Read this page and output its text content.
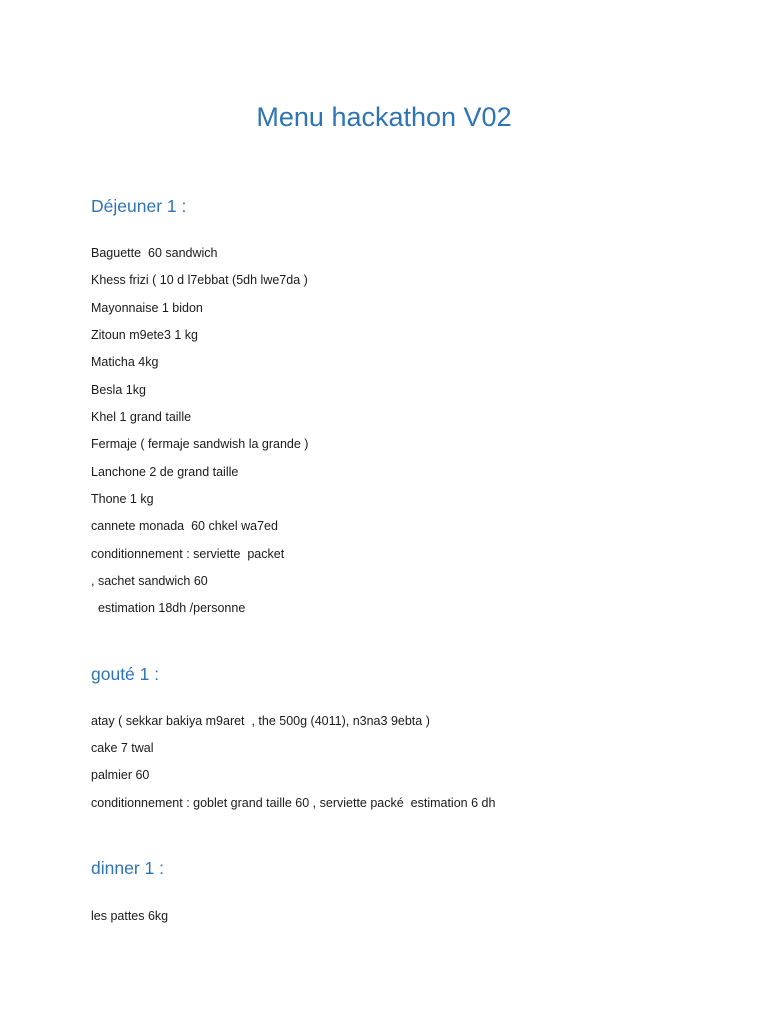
Menu hackathon V02
Déjeuner 1 :
Baguette  60 sandwich
Khess frizi ( 10 d l7ebbat (5dh lwe7da )
Mayonnaise 1 bidon
Zitoun m9ete3 1 kg
Maticha 4kg
Besla 1kg
Khel 1 grand taille
Fermaje ( fermaje sandwish la grande )
Lanchone 2 de grand taille
Thone 1 kg
cannete monada  60 chkel wa7ed
conditionnement : serviette  packet
, sachet sandwich 60
estimation 18dh /personne
gouté 1 :
atay ( sekkar bakiya m9aret  , the 500g (4011), n3na3 9ebta )
cake 7 twal
palmier 60
conditionnement : goblet grand taille 60 , serviette packé  estimation 6 dh
dinner 1 :
les pattes 6kg
